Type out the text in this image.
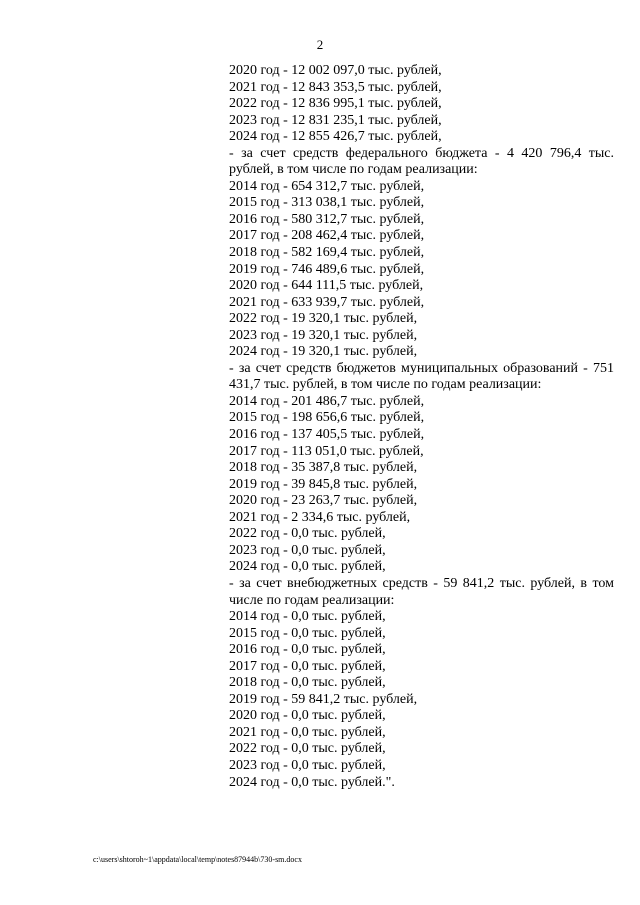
2
2020 год - 12 002 097,0 тыс. рублей,
2021 год - 12 843 353,5 тыс. рублей,
2022 год - 12 836 995,1 тыс. рублей,
2023 год - 12 831 235,1 тыс. рублей,
2024 год - 12 855 426,7 тыс. рублей,
- за счет средств федерального бюджета - 4 420 796,4 тыс. рублей, в том числе по годам реализации:
2014 год - 654 312,7 тыс. рублей,
2015 год - 313 038,1 тыс. рублей,
2016 год - 580 312,7 тыс. рублей,
2017 год - 208 462,4 тыс. рублей,
2018 год - 582 169,4 тыс. рублей,
2019 год - 746 489,6 тыс. рублей,
2020 год - 644 111,5 тыс. рублей,
2021 год - 633 939,7 тыс. рублей,
2022 год - 19 320,1 тыс. рублей,
2023 год - 19 320,1 тыс. рублей,
2024 год - 19 320,1 тыс. рублей,
- за счет средств бюджетов муниципальных образований - 751 431,7 тыс. рублей, в том числе по годам реализации:
2014 год - 201 486,7 тыс. рублей,
2015 год - 198 656,6 тыс. рублей,
2016 год - 137 405,5 тыс. рублей,
2017 год - 113 051,0 тыс. рублей,
2018 год - 35 387,8 тыс. рублей,
2019 год - 39 845,8 тыс. рублей,
2020 год - 23 263,7 тыс. рублей,
2021 год - 2 334,6 тыс. рублей,
2022 год - 0,0 тыс. рублей,
2023 год - 0,0 тыс. рублей,
2024 год - 0,0 тыс. рублей,
- за счет внебюджетных средств - 59 841,2 тыс. рублей, в том числе по годам реализации:
2014 год - 0,0 тыс. рублей,
2015 год - 0,0 тыс. рублей,
2016 год - 0,0 тыс. рублей,
2017 год - 0,0 тыс. рублей,
2018 год - 0,0 тыс. рублей,
2019 год - 59 841,2 тыс. рублей,
2020 год - 0,0 тыс. рублей,
2021 год - 0,0 тыс. рублей,
2022 год - 0,0 тыс. рублей,
2023 год - 0,0 тыс. рублей,
2024 год - 0,0 тыс. рублей.".
c:\users\shtoroh~1\appdata\local\temp\notes87944b\730-sm.docx
